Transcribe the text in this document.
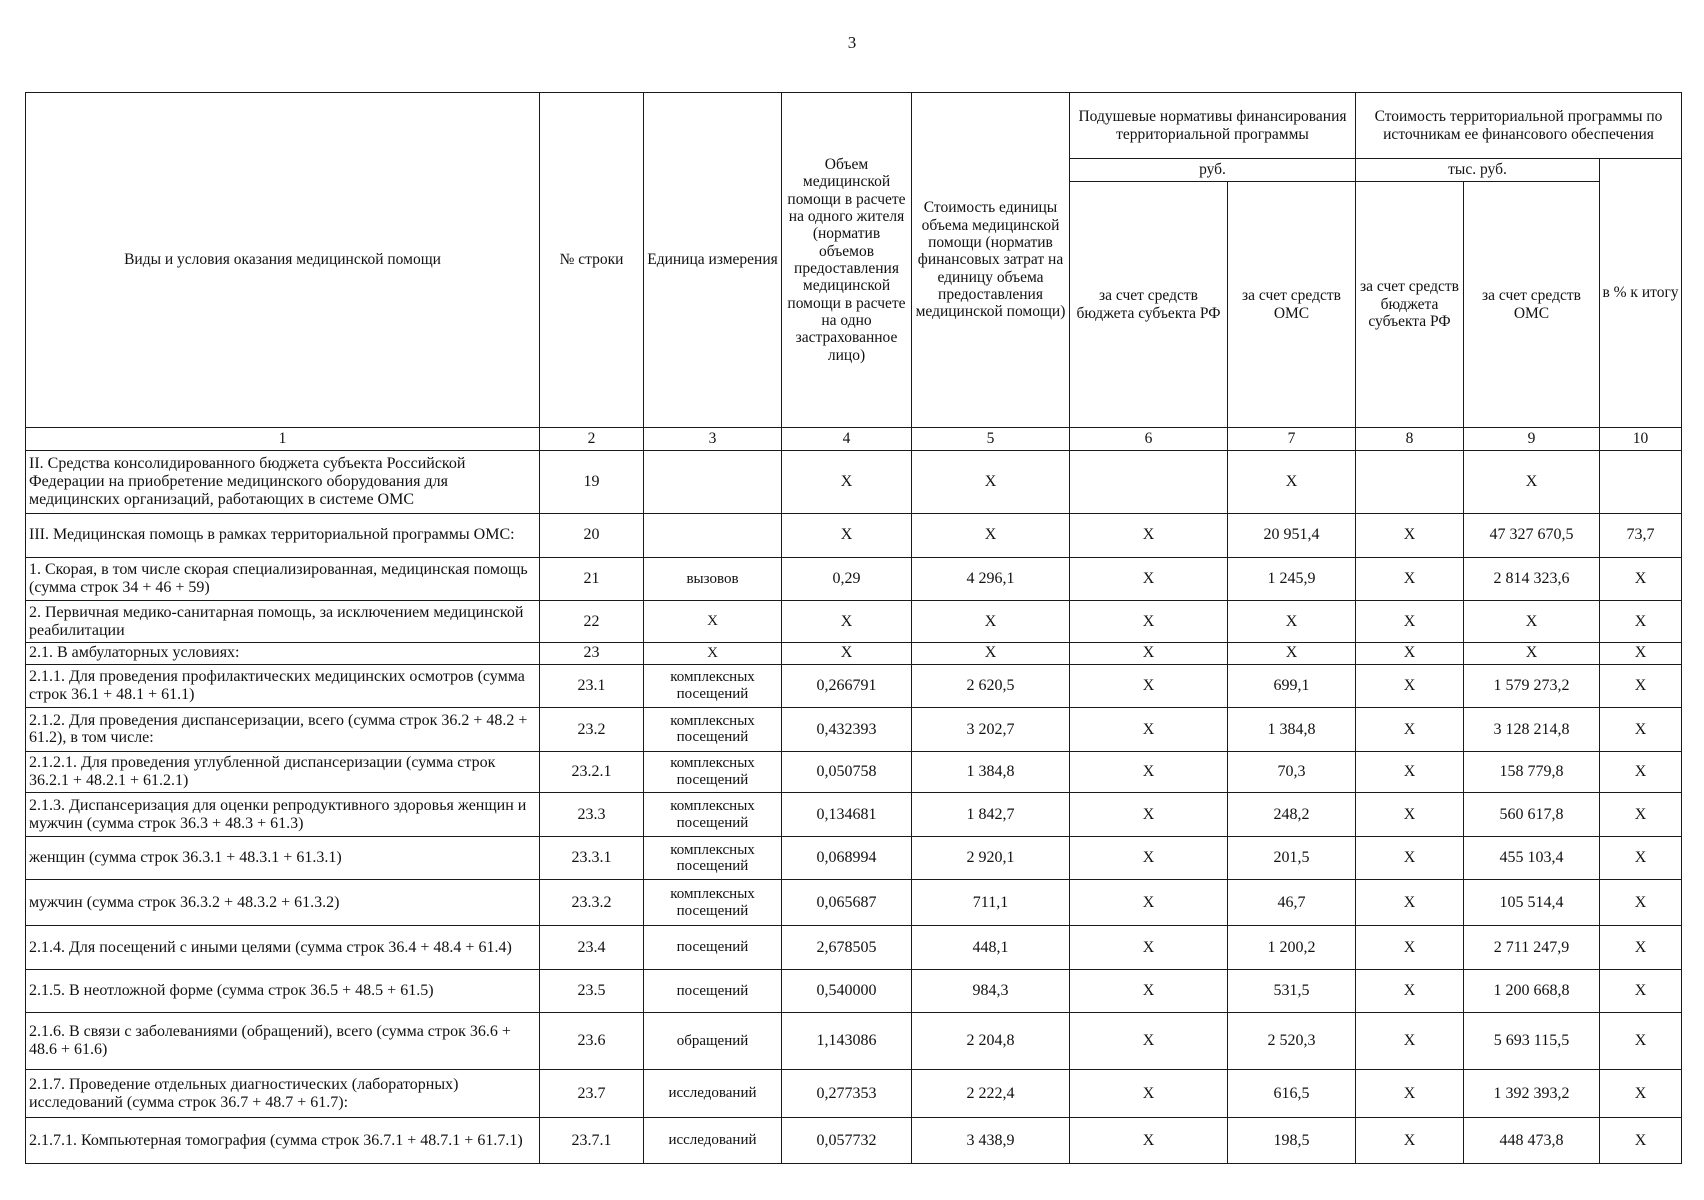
3
Виды и условия оказания медицинской помощи	№ строки	Единица измерения	Объем медицинской помощи в расчете на одного жителя (норматив объемов предоставления медицинской помощи в расчете на одно застрахованное лицо)	Стоимость единицы объема медицинской помощи (норматив финансовых затрат на единицу объема предоставления медицинской помощи)	Подушевые нормативы финансирования территориальной программы		Стоимость территориальной программы по источникам ее финансового обеспечения		
					руб.		тыс. руб.		в % к итогу
					за счет средств бюджета субъекта РФ	за счет средств ОМС	за счет средств бюджета субъекта РФ	за счет средств ОМС	
1	2	3	4	5	6	7	8	9	10
II. Средства консолидированного бюджета субъекта Российской Федерации на приобретение медицинского оборудования для медицинских организаций, работающих в системе ОМС	19		X	X		X		X	
III. Медицинская помощь в рамках территориальной программы ОМС:	20		X	X	X	20 951,4	X	47 327 670,5	73,7
1. Скорая, в том числе скорая специализированная, медицинская помощь (сумма строк 34 + 46 + 59)	21	вызовов	0,29	4 296,1	X	1 245,9	X	2 814 323,6	X
2. Первичная медико-санитарная помощь, за исключением медицинской реабилитации	22	X	X	X	X	X	X	X	X
2.1. В амбулаторных условиях:	23	X	X	X	X	X	X	X	X
2.1.1. Для проведения профилактических медицинских осмотров (сумма строк 36.1 + 48.1 + 61.1)	23.1	комплексных посещений	0,266791	2 620,5	X	699,1	X	1 579 273,2	X
2.1.2. Для проведения диспансеризации, всего (сумма строк 36.2 + 48.2 + 61.2), в том числе:	23.2	комплексных посещений	0,432393	3 202,7	X	1 384,8	X	3 128 214,8	X
2.1.2.1. Для проведения углубленной диспансеризации (сумма строк 36.2.1 + 48.2.1 + 61.2.1)	23.2.1	комплексных посещений	0,050758	1 384,8	X	70,3	X	158 779,8	X
2.1.3. Диспансеризация для оценки репродуктивного здоровья женщин и мужчин (сумма строк 36.3 + 48.3 + 61.3)	23.3	комплексных посещений	0,134681	1 842,7	X	248,2	X	560 617,8	X
женщин (сумма строк 36.3.1 + 48.3.1 + 61.3.1)	23.3.1	комплексных посещений	0,068994	2 920,1	X	201,5	X	455 103,4	X
мужчин (сумма строк 36.3.2 + 48.3.2 + 61.3.2)	23.3.2	комплексных посещений	0,065687	711,1	X	46,7	X	105 514,4	X
2.1.4. Для посещений с иными целями (сумма строк 36.4 + 48.4 + 61.4)	23.4	посещений	2,678505	448,1	X	1 200,2	X	2 711 247,9	X
2.1.5. В неотложной форме (сумма строк 36.5 + 48.5 + 61.5)	23.5	посещений	0,540000	984,3	X	531,5	X	1 200 668,8	X
2.1.6. В связи с заболеваниями (обращений), всего (сумма строк 36.6 + 48.6 + 61.6)	23.6	обращений	1,143086	2 204,8	X	2 520,3	X	5 693 115,5	X
2.1.7. Проведение отдельных диагностических (лабораторных) исследований (сумма строк 36.7 + 48.7 + 61.7):	23.7	исследований	0,277353	2 222,4	X	616,5	X	1 392 393,2	X
2.1.7.1. Компьютерная томография (сумма строк 36.7.1 + 48.7.1 + 61.7.1)	23.7.1	исследований	0,057732	3 438,9	X	198,5	X	448 473,8	X
